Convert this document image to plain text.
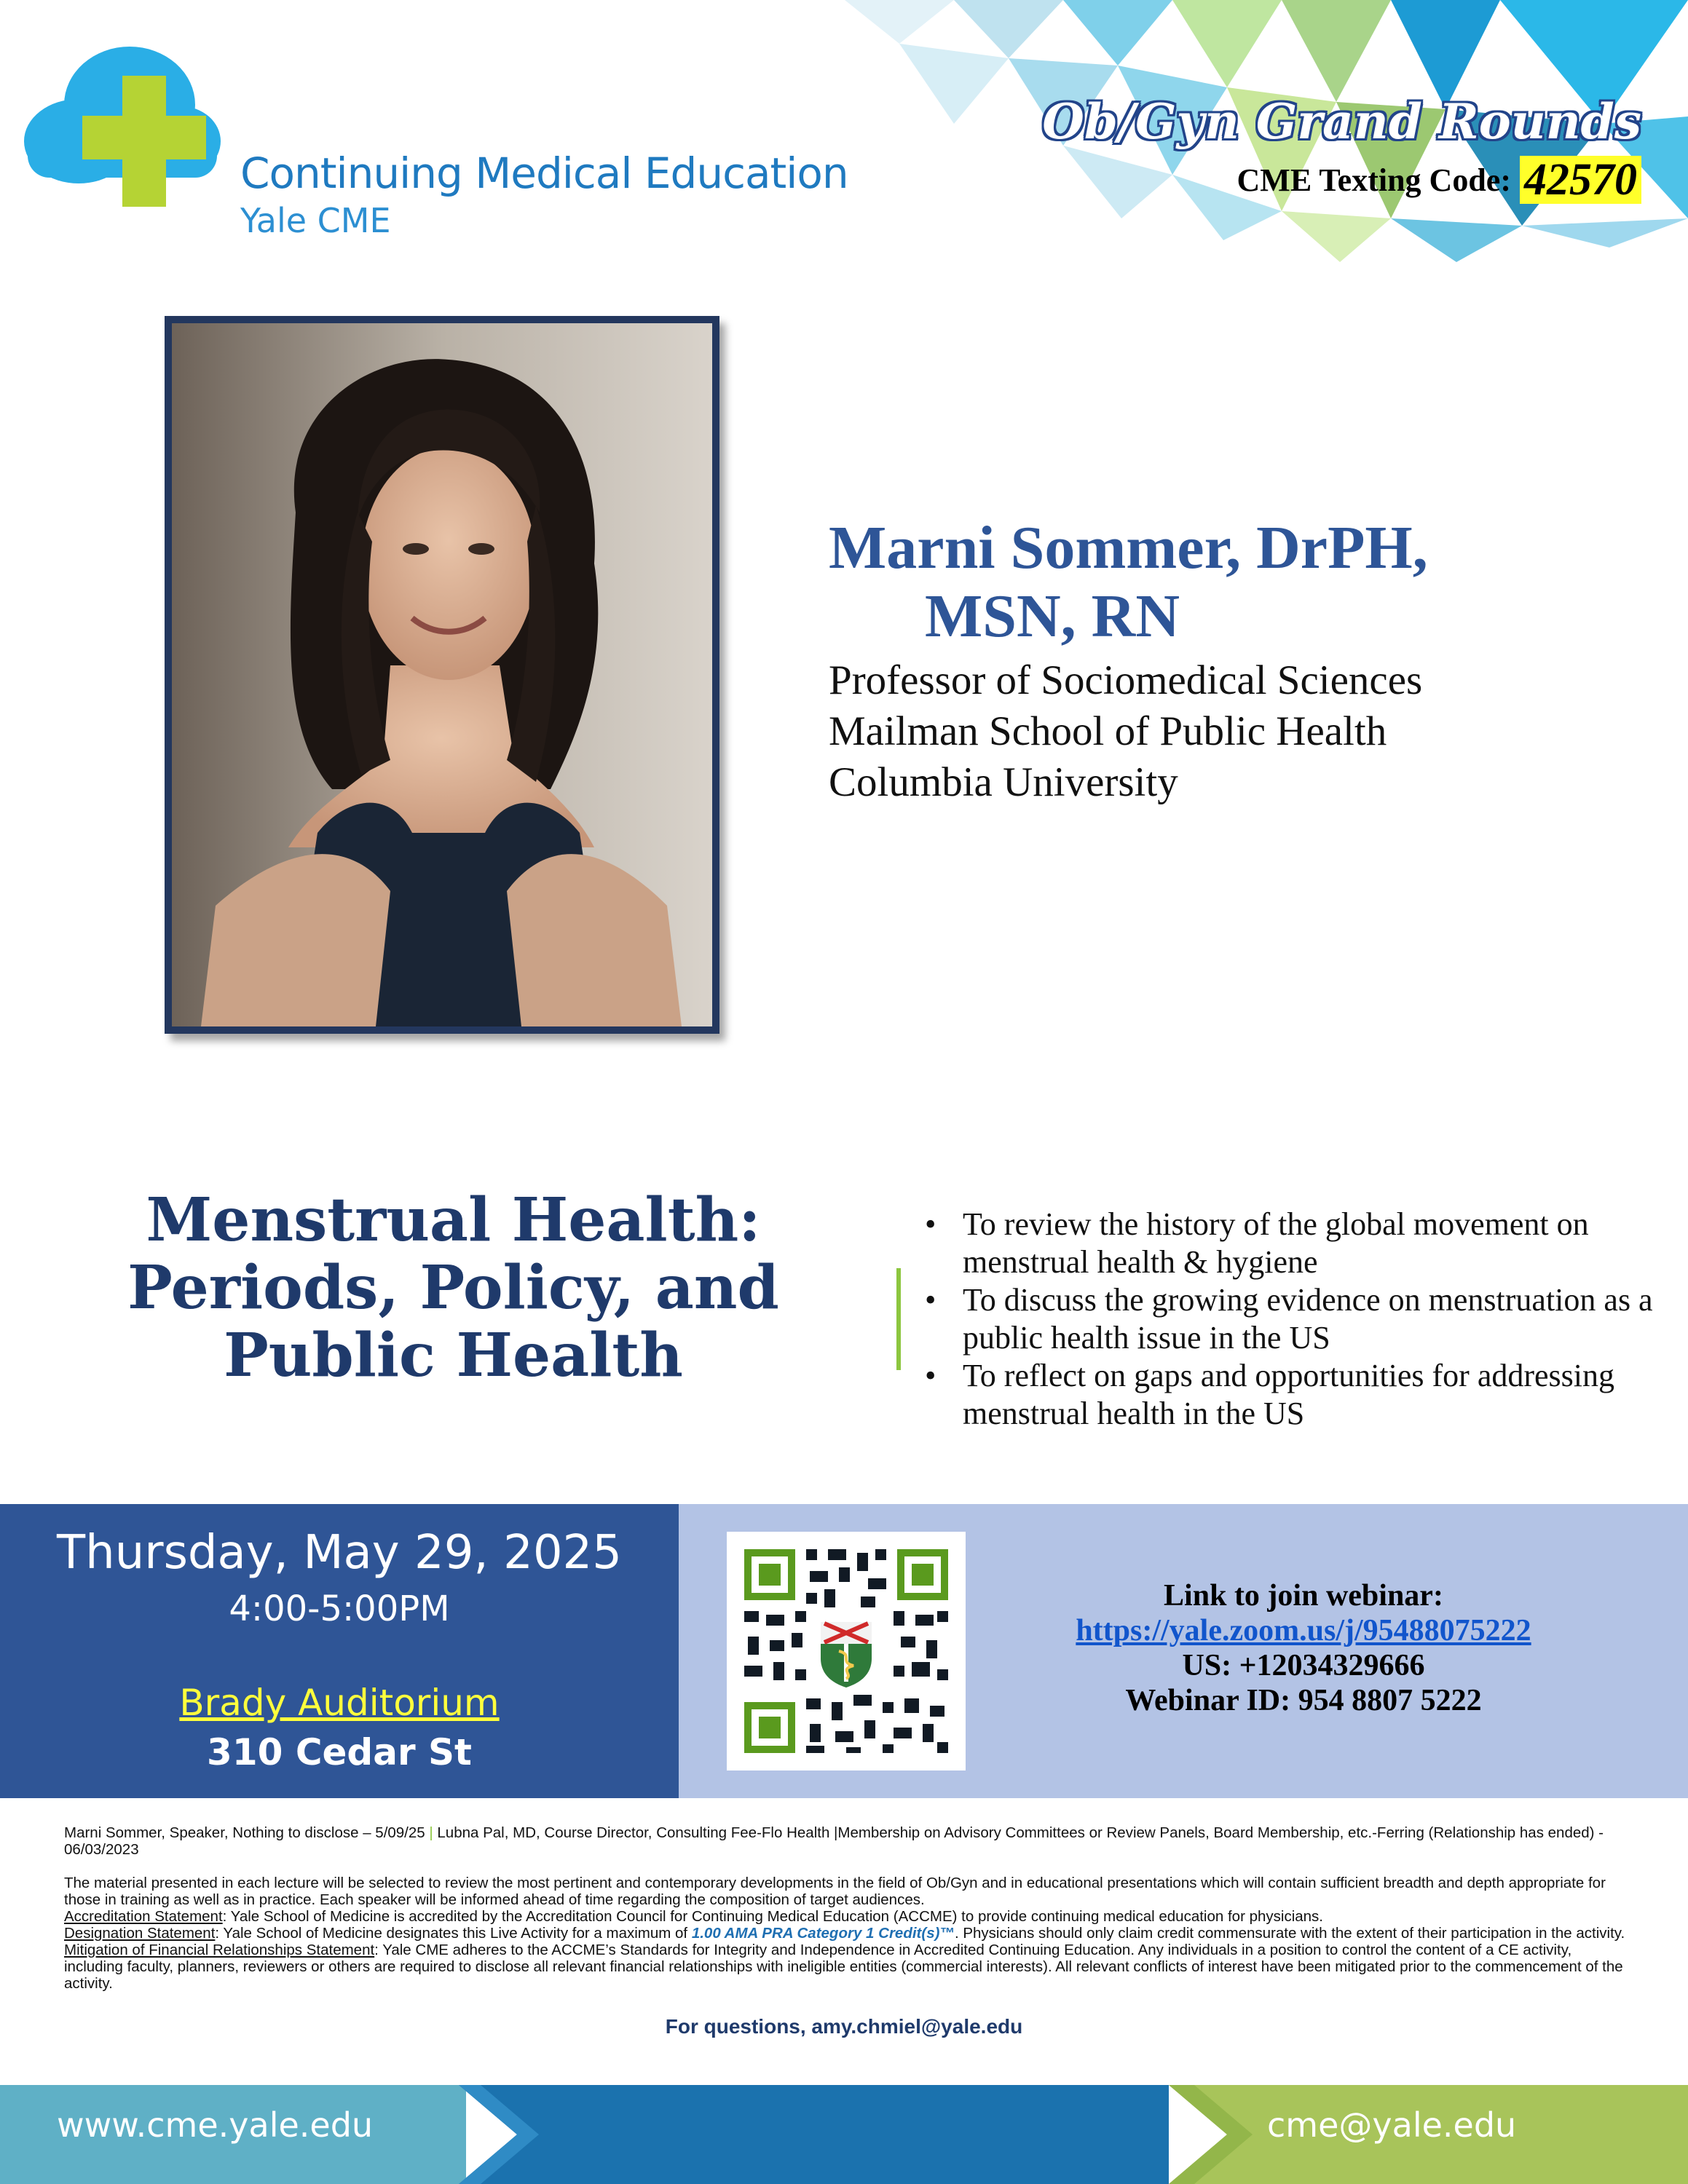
Continuing Medical Education
Yale CME
Ob/Gyn Grand Rounds
CME Texting Code: 42570
Marni Sommer, DrPH,
MSN, RN
Professor of Sociomedical Sciences
Mailman School of Public Health
Columbia University
Menstrual Health:
Periods, Policy, and
Public Health
• To review the history of the global movement on menstrual health & hygiene
• To discuss the growing evidence on menstruation as a public health issue in the US
• To reflect on gaps and opportunities for addressing menstrual health in the US
Thursday, May 29, 2025
4:00-5:00PM
Brady Auditorium
310 Cedar St
Link to join webinar:
https://yale.zoom.us/j/95488075222
US: +12034329666
Webinar ID: 954 8807 5222

Marni Sommer, Speaker, Nothing to disclose – 5/09/25 | Lubna Pal, MD, Course Director, Consulting Fee-Flo Health |Membership on Advisory Committees or Review Panels, Board Membership, etc.-Ferring (Relationship has ended) - 06/03/2023

The material presented in each lecture will be selected to review the most pertinent and contemporary developments in the field of Ob/Gyn and in educational presentations which will contain sufficient breadth and depth appropriate for those in training as well as in practice. Each speaker will be informed ahead of time regarding the composition of target audiences.

Accreditation Statement: Yale School of Medicine is accredited by the Accreditation Council for Continuing Medical Education (ACCME) to provide continuing medical education for physicians.

Designation Statement: Yale School of Medicine designates this Live Activity for a maximum of 1.00 AMA PRA Category 1 Credit(s)™. Physicians should only claim credit commensurate with the extent of their participation in the activity.

Mitigation of Financial Relationships Statement: Yale CME adheres to the ACCME’s Standards for Integrity and Independence in Accredited Continuing Education. Any individuals in a position to control the content of a CE activity, including faculty, planners, reviewers or others are required to disclose all relevant financial relationships with ineligible entities (commercial interests). All relevant conflicts of interest have been mitigated prior to the commencement of the activity.

For questions, amy.chmiel@yale.edu
www.cme.yale.edu	cme@yale.edu
